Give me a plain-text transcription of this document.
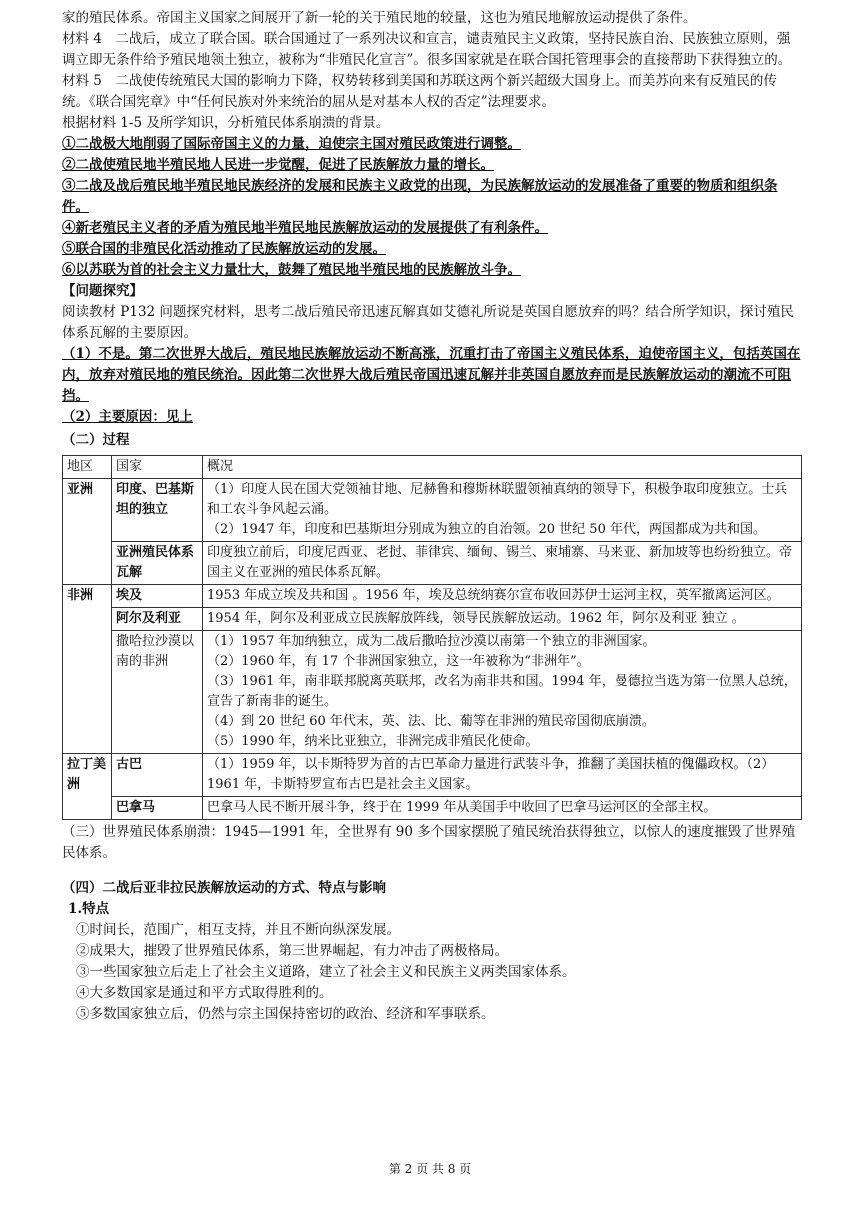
家的殖民体系。帝国主义国家之间展开了新一轮的关于殖民地的较量，这也为殖民地解放运动提供了条件。

材料 4　二战后，成立了联合国。联合国通过了一系列决议和宣言，谴责殖民主义政策，坚持民族自治、民族独立原则，强调立即无条件给予殖民地领土独立，被称为“非殖民化宣言”。很多国家就是在联合国托管理事会的直接帮助下获得独立的。

材料 5　二战使传统殖民大国的影响力下降，权势转移到美国和苏联这两个新兴超级大国身上。而美苏向来有反殖民的传统。《联合国宪章》中“任何民族对外来统治的屈从是对基本人权的否定”法理要求。

根据材料 1-5 及所学知识，分析殖民体系崩溃的背景。

①二战极大地削弱了国际帝国主义的力量，迫使宗主国对殖民政策进行调整。

②二战使殖民地半殖民地人民进一步觉醒，促进了民族解放力量的增长。

③二战及战后殖民地半殖民地民族经济的发展和民族主义政党的出现，为民族解放运动的发展准备了重要的物质和组织条件。

④新老殖民主义者的矛盾为殖民地半殖民地民族解放运动的发展提供了有利条件。

⑤联合国的非殖民化活动推动了民族解放运动的发展。

⑥以苏联为首的社会主义力量壮大，鼓舞了殖民地半殖民地的民族解放斗争。

【问题探究】

阅读教材 P132 问题探究材料，思考二战后殖民帝迅速瓦解真如艾德礼所说是英国自愿放弃的吗？结合所学知识，探讨殖民体系瓦解的主要原因。

（1）不是。第二次世界大战后，殖民地民族解放运动不断高涨，沉重打击了帝国主义殖民体系，迫使帝国主义，包括英国在内，放弃对殖民地的殖民统治。因此第二次世界大战后殖民帝国迅速瓦解并非英国自愿放弃而是民族解放运动的潮流不可阻挡。

（2）主要原因：见上

（二）过程

地区	国家	概况
亚洲	印度、巴基斯坦的独立	（1）印度人民在国大党领袖甘地、尼赫鲁和穆斯林联盟领袖真纳的领导下，积极争取印度独立。士兵和工农斗争风起云涌。
（2）1947 年，印度和巴基斯坦分别成为独立的自治领。20 世纪 50 年代，两国都成为共和国。

	亚洲殖民体系瓦解	印度独立前后，印度尼西亚、老挝、菲律宾、缅甸、锡兰、柬埔寨、马来亚、新加坡等也纷纷独立。帝国主义在亚洲的殖民体系瓦解。
非洲	埃及	1953 年成立埃及共和国 。1956 年，埃及总统纳赛尔宣布收回苏伊士运河主权，英军撤离运河区。
	阿尔及利亚	1954 年，阿尔及利亚成立民族解放阵线，领导民族解放运动。1962 年，阿尔及利亚 独立 。
	撒哈拉沙漠以南的非洲	（1）1957 年加纳独立，成为二战后撒哈拉沙漠以南第一个独立的非洲国家。
（2）1960 年，有 17 个非洲国家独立，这一年被称为“非洲年”。
（3）1961 年，南非联邦脱离英联邦，改名为南非共和国。1994 年，曼德拉当选为第一位黑人总统，宣告了新南非的诞生。
（4）到 20 世纪 60 年代末，英、法、比、葡等在非洲的殖民帝国彻底崩溃。
（5）1990 年，纳米比亚独立，非洲完成非殖民化使命。

拉丁美洲	古巴	（1）1959 年，以卡斯特罗为首的古巴革命力量进行武装斗争，推翻了美国扶植的傀儡政权。（2）1961 年，卡斯特罗宣布古巴是社会主义国家。
	巴拿马	巴拿马人民不断开展斗争，终于在 1999 年从美国手中收回了巴拿马运河区的全部主权。

（三）世界殖民体系崩溃：1945—1991 年，全世界有 90 多个国家摆脱了殖民统治获得独立，以惊人的速度摧毁了世界殖民体系。

（四）二战后亚非拉民族解放运动的方式、特点与影响

1.特点

①时间长，范围广，相互支持，并且不断向纵深发展。

②成果大，摧毁了世界殖民体系，第三世界崛起，有力冲击了两极格局。

③一些国家独立后走上了社会主义道路，建立了社会主义和民族主义两类国家体系。

④大多数国家是通过和平方式取得胜利的。

⑤多数国家独立后，仍然与宗主国保持密切的政治、经济和军事联系。

第 2 页 共 8 页
